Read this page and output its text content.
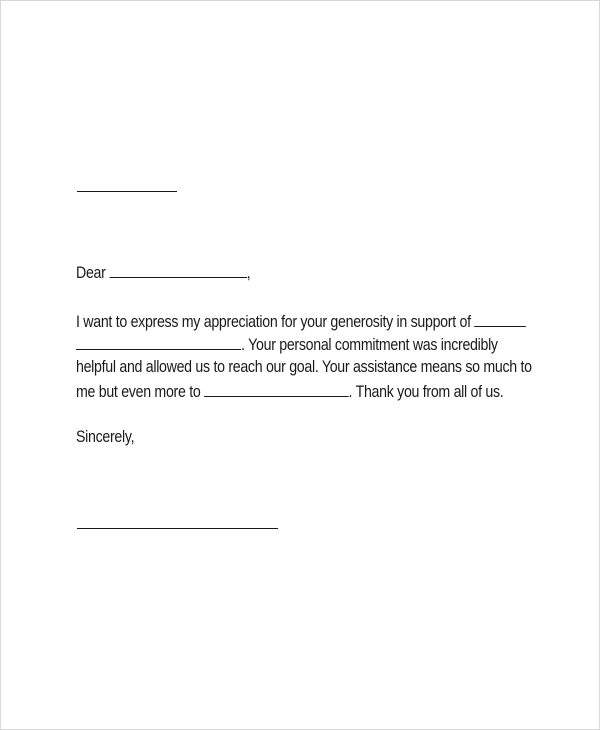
Dear	,
I want to express my appreciation for your generosity in support of
. Your personal commitment was incredibly
helpful and allowed us to reach our goal. Your assistance means so much to
me but even more to	. Thank you from all of us.
Sincerely,
